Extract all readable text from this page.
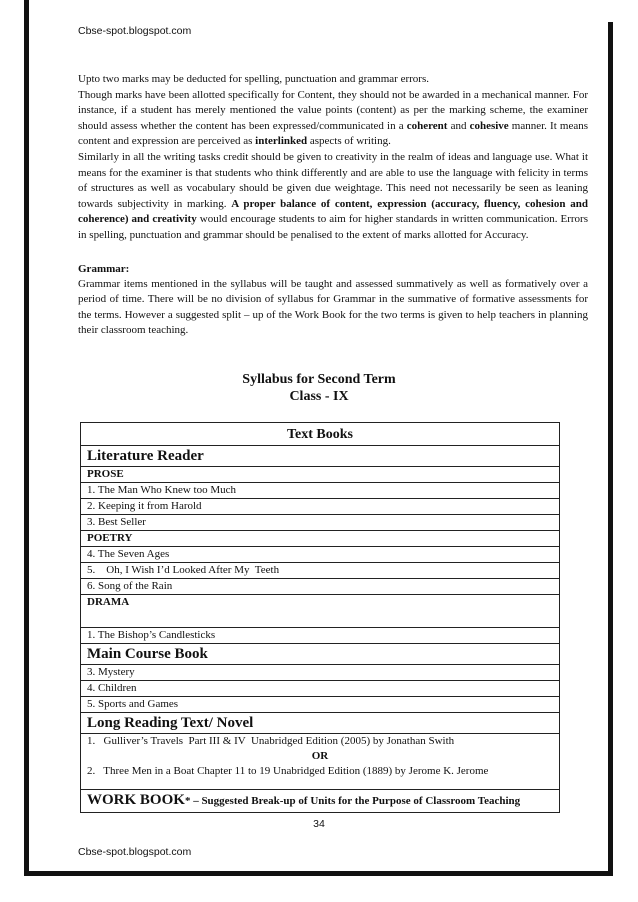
Cbse-spot.blogspot.com

Upto two marks may be deducted for spelling, punctuation and grammar errors.

Though marks have been allotted specifically for Content, they should not be awarded in a mechanical manner. For instance, if a student has merely mentioned the value points (content) as per the marking scheme, the examiner should assess whether the content has been expressed/communicated in a coherent and cohesive manner. It means content and expression are perceived as interlinked aspects of writing.

Similarly in all the writing tasks credit should be given to creativity in the realm of ideas and language use. What it means for the examiner is that students who think differently and are able to use the language with felicity in terms of structures as well as vocabulary should be given due weightage. This need not necessarily be seen as leaning towards subjectivity in marking. A proper balance of content, expression (accuracy, fluency, cohesion and coherence) and creativity would encourage students to aim for higher standards in written communication. Errors in spelling, punctuation and grammar should be penalised to the extent of marks allotted for Accuracy.

Grammar:
Grammar items mentioned in the syllabus will be taught and assessed summatively as well as formatively over a period of time. There will be no division of syllabus for Grammar in the summative of formative assessments for the terms. However a suggested split – up of the Work Book for the two terms is given to help teachers in planning their classroom teaching.
Syllabus for Second Term
Class - IX
Text Books
Literature Reader
PROSE
1. The Man Who Knew too Much
2. Keeping it from Harold
3. Best Seller
POETRY
4. The Seven Ages
5.    Oh, I Wish I’d Looked After My  Teeth
6. Song of the Rain
DRAMA
1. The Bishop’s Candlesticks
Main Course Book
3. Mystery
4. Children
5. Sports and Games
Long Reading Text/ Novel

1.   Gulliver’s Travels  Part III & IV  Unabridged Edition (2005) by Jonathan Swith
OR
2.   Three Men in a Boat Chapter 11 to 19 Unabridged Edition (1889) by Jerome K. Jerome

WORK BOOK* – Suggested Break-up of Units for the Purpose of Classroom Teaching
34
Cbse-spot.blogspot.com
